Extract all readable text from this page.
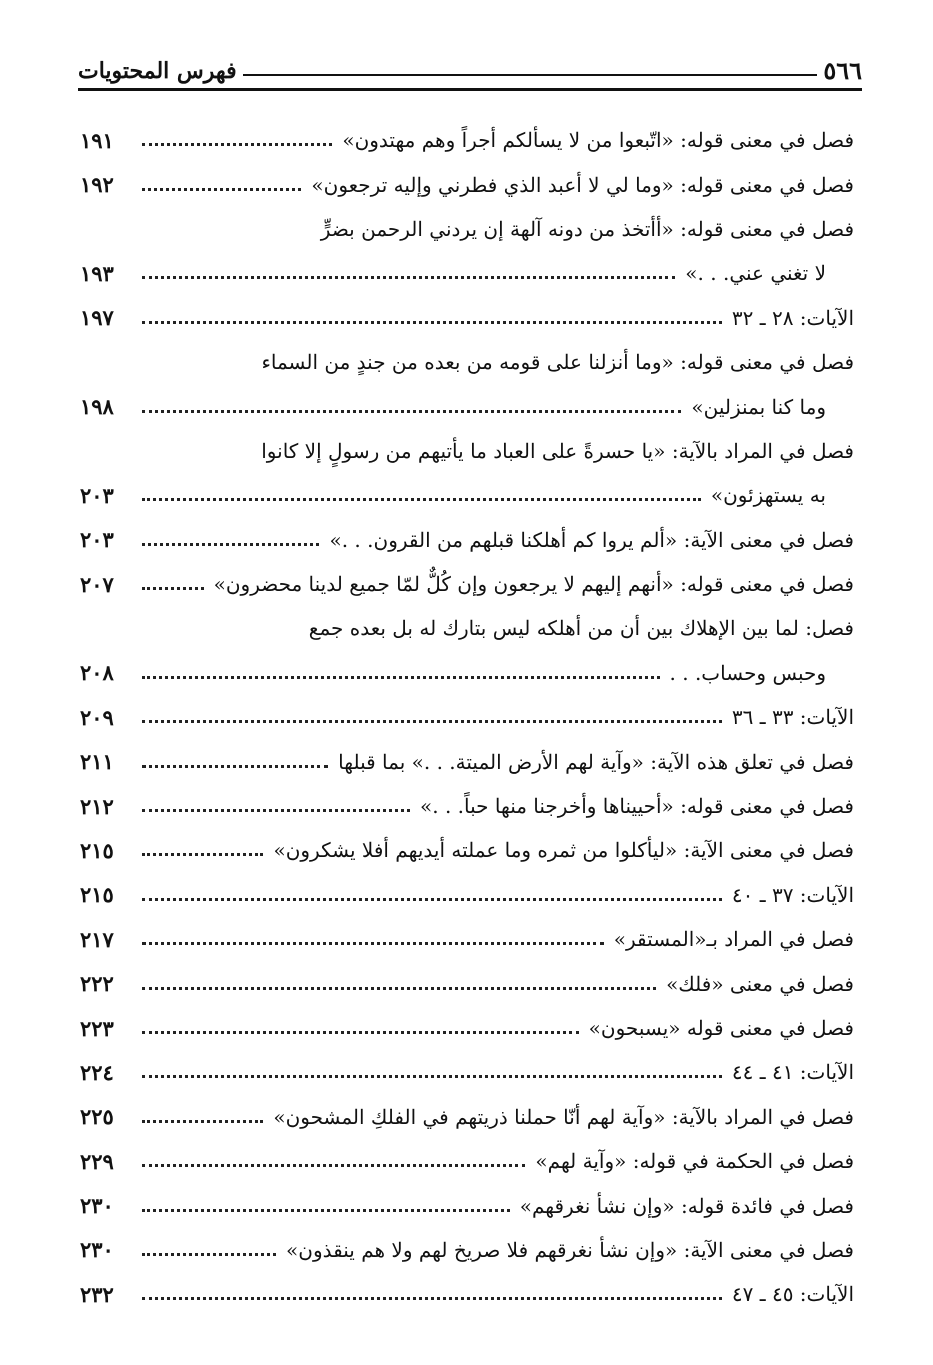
٥٦٦
فهرس المحتويات
فصل في معنى قوله: «اتّبعوا من لا يسألكم أجراً وهم مهتدون»
١٩١
فصل في معنى قوله: «وما لي لا أعبد الذي فطرني وإليه ترجعون»
١٩٢
فصل في معنى قوله: «أأتخذ من دونه آلهة إن يردني الرحمن بضرٍّ
لا تغني عني. . .»
١٩٣
الآيات: ٢٨ ـ ٣٢
١٩٧
فصل في معنى قوله: «وما أنزلنا على قومه من بعده من جندٍ من السماء
وما كنا بمنزلين»
١٩٨
فصل في المراد بالآية: «يا حسرةً على العباد ما يأتيهم من رسولٍ إلا كانوا
به يستهزئون»
٢٠٣
فصل في معنى الآية: «ألم يروا كم أهلكنا قبلهم من القرون. . .»
٢٠٣
فصل في معنى قوله: «أنهم إليهم لا يرجعون وإن كُلٌّ لمّا جميع لدينا محضرون»
٢٠٧
فصل: لما بين الإهلاك بين أن من أهلكه ليس بتارك له بل بعده جمع
وحبس وحساب. . .
٢٠٨
الآيات: ٣٣ ـ ٣٦
٢٠٩
فصل في تعلق هذه الآية: «وآية لهم الأرض الميتة. . .» بما قبلها
٢١١
فصل في معنى قوله: «أحييناها وأخرجنا منها حباً. . .»
٢١٢
فصل في معنى الآية: «ليأكلوا من ثمره وما عملته أيديهم أفلا يشكرون»
٢١٥
الآيات: ٣٧ ـ ٤٠
٢١٥
فصل في المراد بـ«المستقر»
٢١٧
فصل في معنى «فلك»
٢٢٢
فصل في معنى قوله «يسبحون»
٢٢٣
الآيات: ٤١ ـ ٤٤
٢٢٤
فصل في المراد بالآية: «وآية لهم أنّا حملنا ذريتهم في الفلكِ المشحون»
٢٢٥
فصل في الحكمة في قوله: «وآية لهم»
٢٢٩
فصل في فائدة قوله: «وإن نشأ نغرقهم»
٢٣٠
فصل في معنى الآية: «وإن نشأ نغرقهم فلا صريخ لهم ولا هم ينقذون»
٢٣٠
الآيات: ٤٥ ـ ٤٧
٢٣٢
